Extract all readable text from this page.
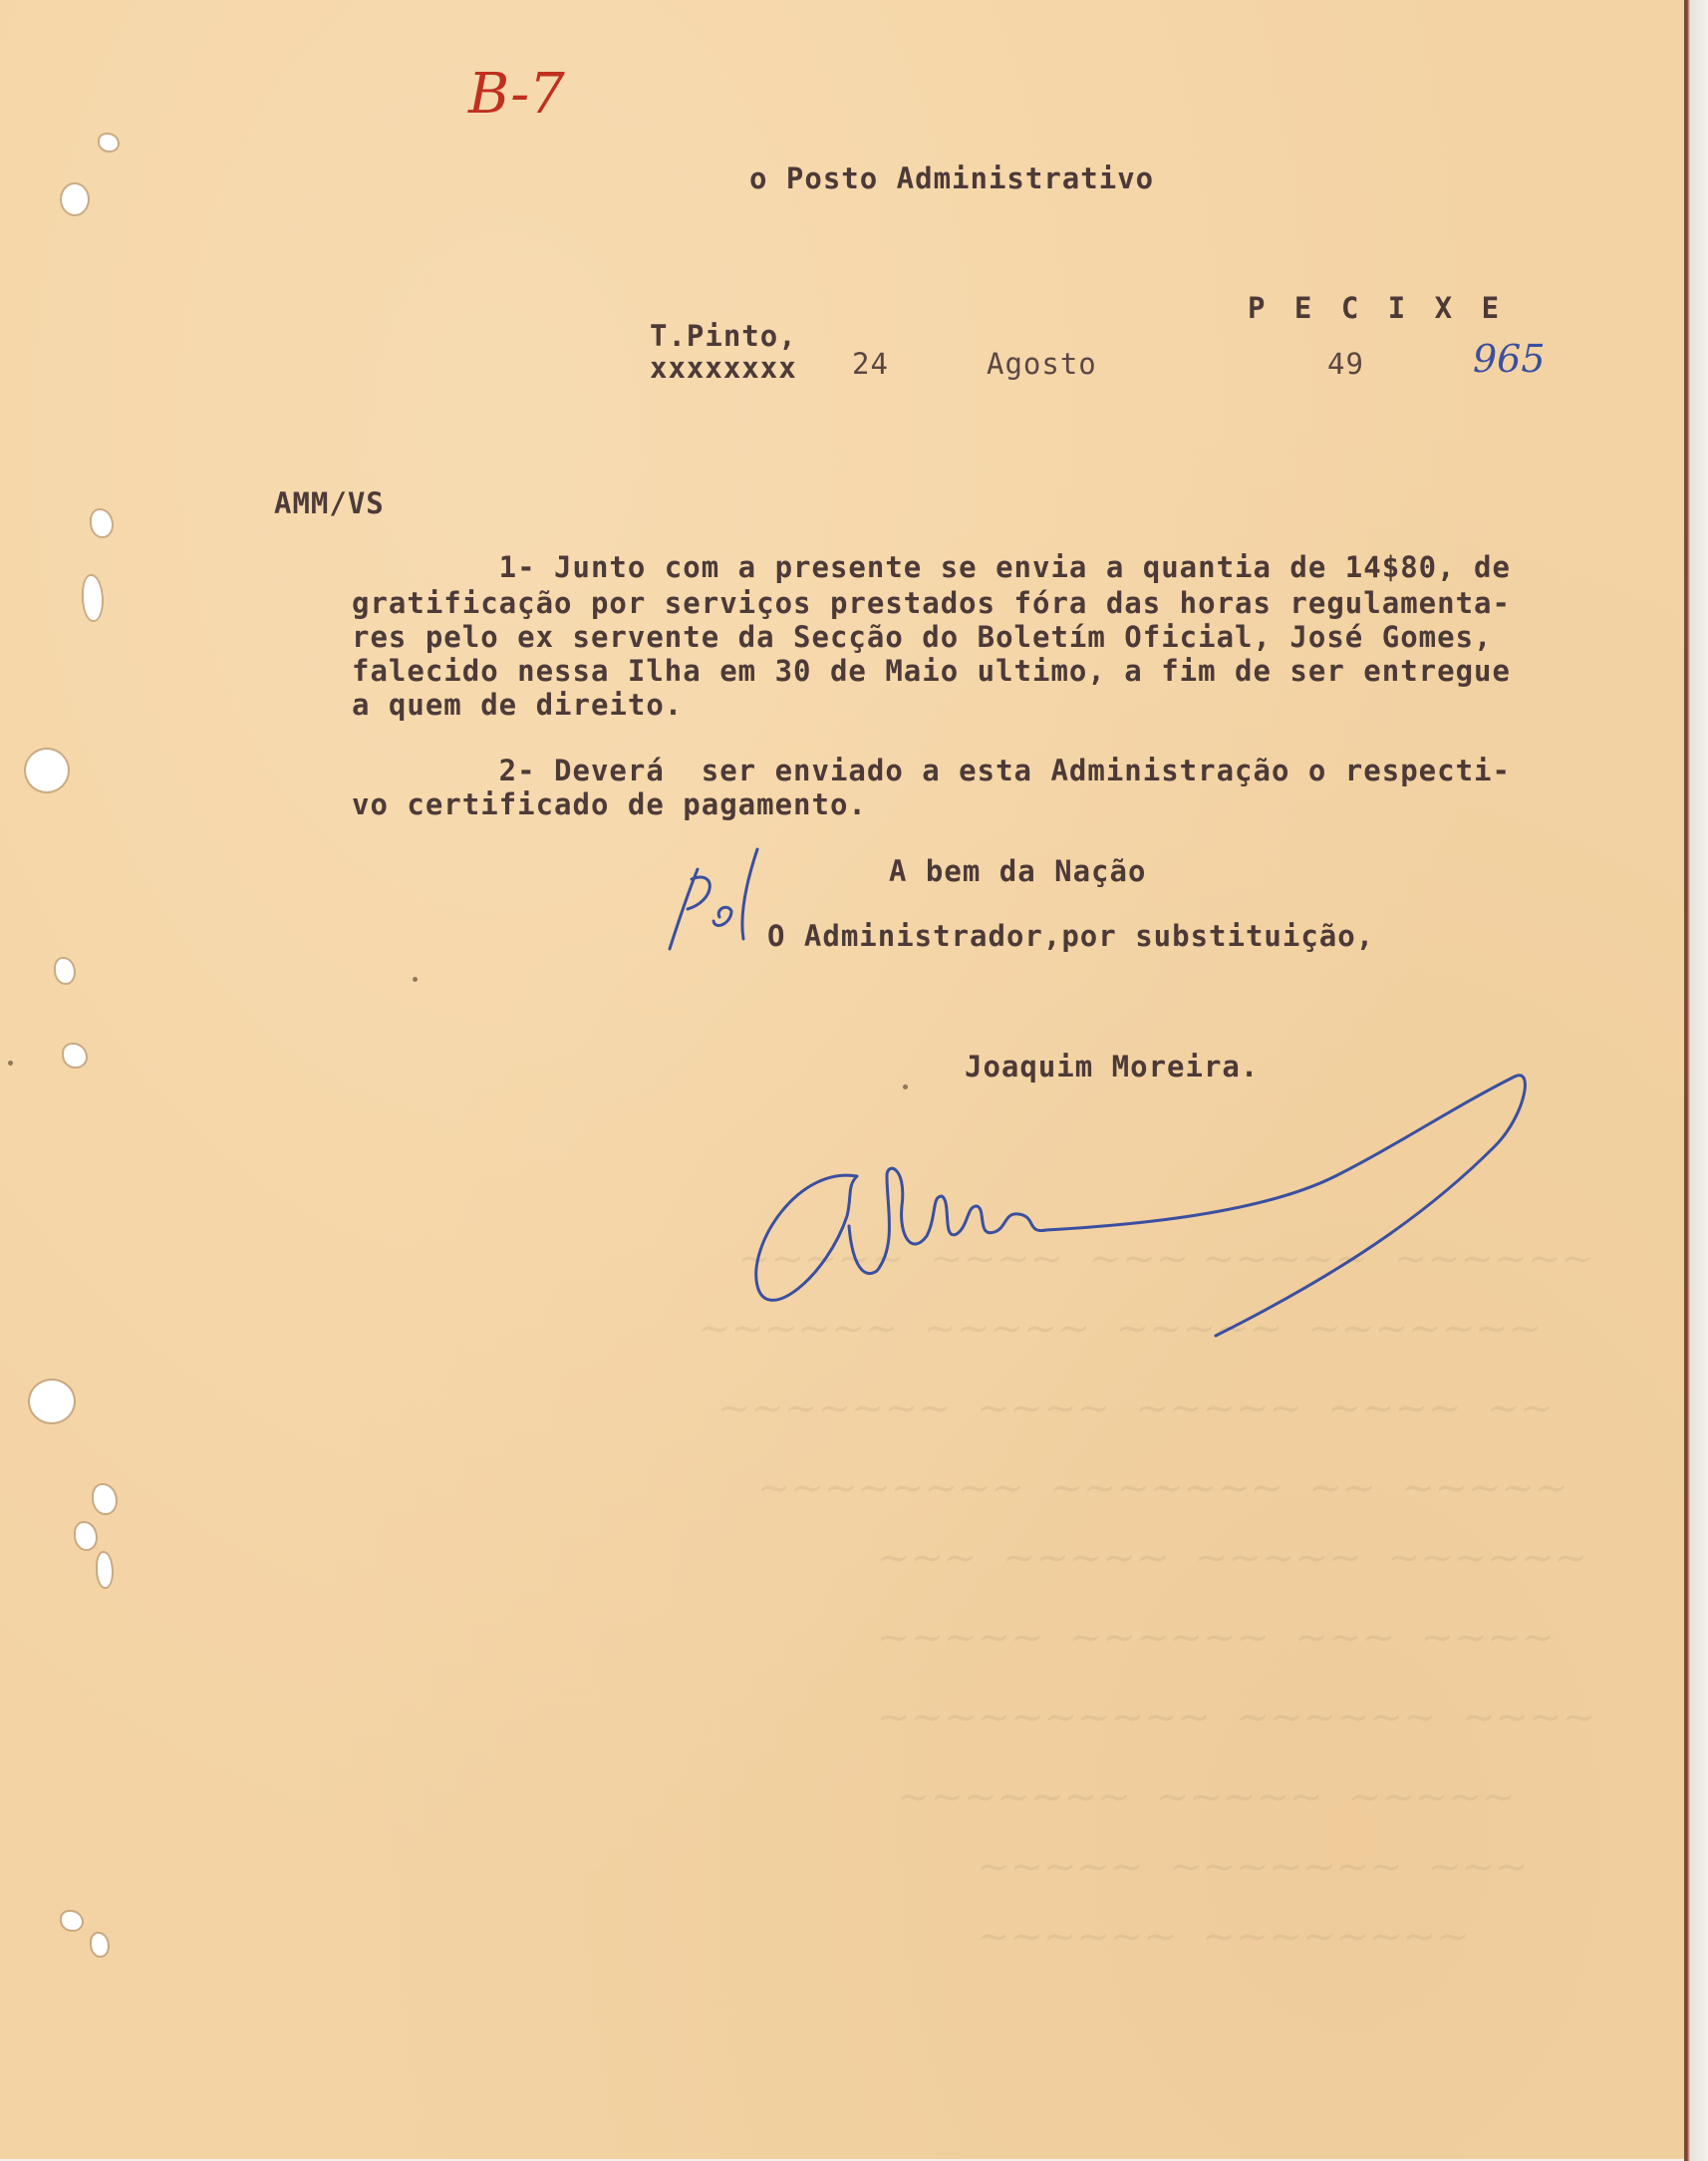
~~~~~  ~~~~  ~~~ ~~~~~  ~~~~~~
~~~~~~  ~~~~~  ~~~~~  ~~~~~~~
~~~~~~~  ~~~~  ~~~~~  ~~~~  ~~
~~~~~~~~  ~~~~~~~  ~~  ~~~~~
~~~  ~~~~~  ~~~~~  ~~~~~~
~~~~~  ~~~~~~  ~~~  ~~~~
~~~~~~~~~~  ~~~~~~  ~~~~
~~~~~~~  ~~~~~  ~~~~~
~~~~~  ~~~~~~~  ~~~
~~~~~~  ~~~~~~~~
B-7
o Posto Administrativo
P E C I X E
T.Pinto,
xxxxxxxx 24	Agosto	49	965
AMM/VS
1- Junto com a presente se envia a quantia de 14$80, de
gratificação por serviços prestados fóra das horas regulamenta-
res pelo ex servente da Secção do Boletím Oficial, José Gomes,
falecido nessa Ilha em 30 de Maio ultimo, a fim de ser entregue
a quem de direito.
2- Deverá  ser enviado a esta Administração o respecti-
vo certificado de pagamento.
A bem da Nação
O Administrador,por substituição,
Joaquim Moreira.
